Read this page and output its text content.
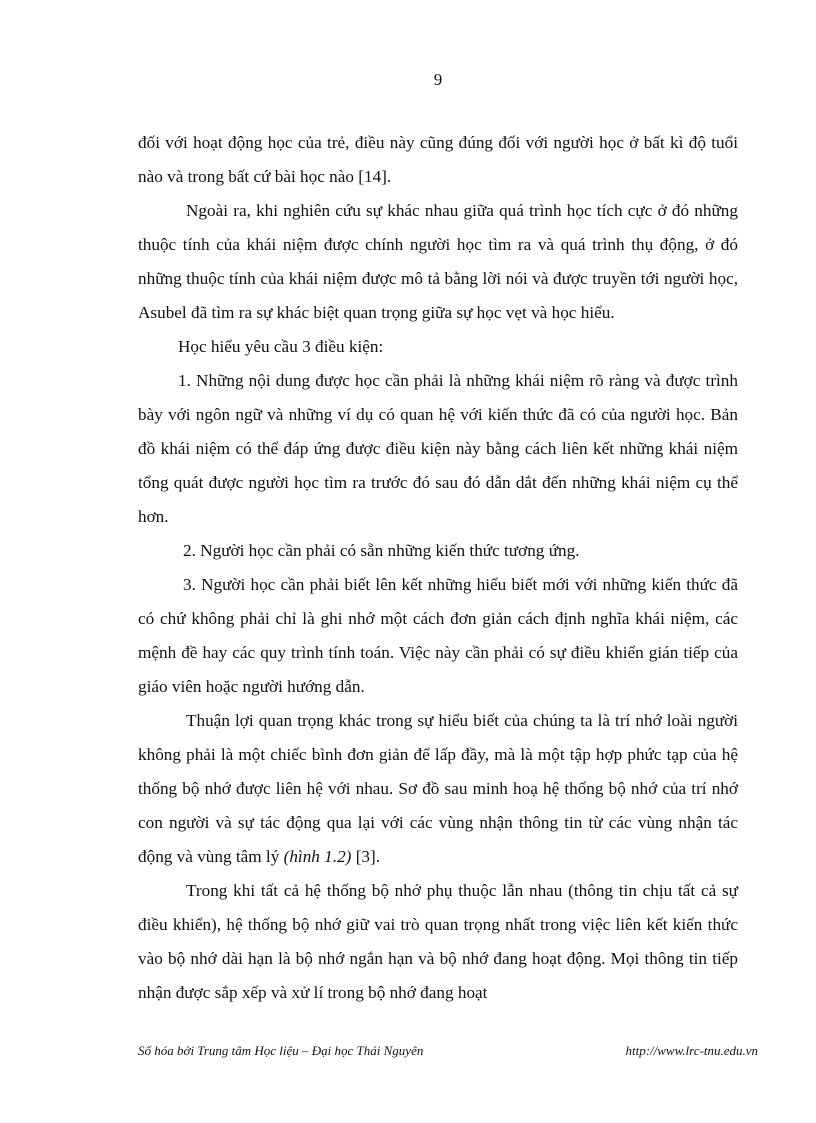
9

đối với hoạt động học của trẻ, điều này cũng đúng đối với người học ở bất kì độ tuổi nào và trong bất cứ bài học nào [14].

Ngoài ra, khi nghiên cứu sự khác nhau giữa quá trình học tích cực ở đó những thuộc tính của khái niệm được chính người học tìm ra và quá trình thụ động, ở đó những thuộc tính của khái niệm được mô tả bằng lời nói và được truyền tới người học, Asubel đã tìm ra sự khác biệt quan trọng giữa sự học vẹt và học hiểu.

Học hiểu yêu cầu 3 điều kiện:

1. Những nội dung được học cần phải là những khái niệm rõ ràng và được trình bày với ngôn ngữ và những ví dụ có quan hệ với kiến thức đã có của người học. Bản đồ khái niệm có thể đáp ứng được điều kiện này bằng cách liên kết những khái niệm tổng quát được người học tìm ra trước đó sau đó dẫn dắt đến những khái niệm cụ thể hơn.

2. Người học cần phải có sẵn những kiến thức tương ứng.

3. Người học cần phải biết lên kết những hiểu biết mới với những kiến thức đã có chứ không phải chỉ là ghi nhớ một cách đơn giản cách định nghĩa khái niệm, các mệnh đề hay các quy trình tính toán. Việc này cần phải có sự điều khiển gián tiếp của giáo viên hoặc người hướng dẫn.

Thuận lợi quan trọng khác trong sự hiểu biết của chúng ta là trí nhớ loài người không phải là một chiếc bình đơn giản để lấp đầy, mà là một tập hợp phức tạp của hệ thống bộ nhớ được liên hệ với nhau. Sơ đồ sau minh hoạ hệ thống bộ nhớ của trí nhớ con người và sự tác động qua lại với các vùng nhận thông tin từ các vùng nhận tác động và vùng tâm lý (hình 1.2) [3].

Trong khi tất cả hệ thống bộ nhớ phụ thuộc lẫn nhau (thông tin chịu tất cả sự điều khiển), hệ thống bộ nhớ giữ vai trò quan trọng nhất trong việc liên kết kiến thức vào bộ nhớ dài hạn là bộ nhớ ngắn hạn và bộ nhớ đang hoạt động. Mọi thông tin tiếp nhận được sắp xếp và xử lí trong bộ nhớ đang hoạt

Số hóa bởi Trung tâm Học liệu – Đại học Thái Nguyên	http://www.lrc-tnu.edu.vn
